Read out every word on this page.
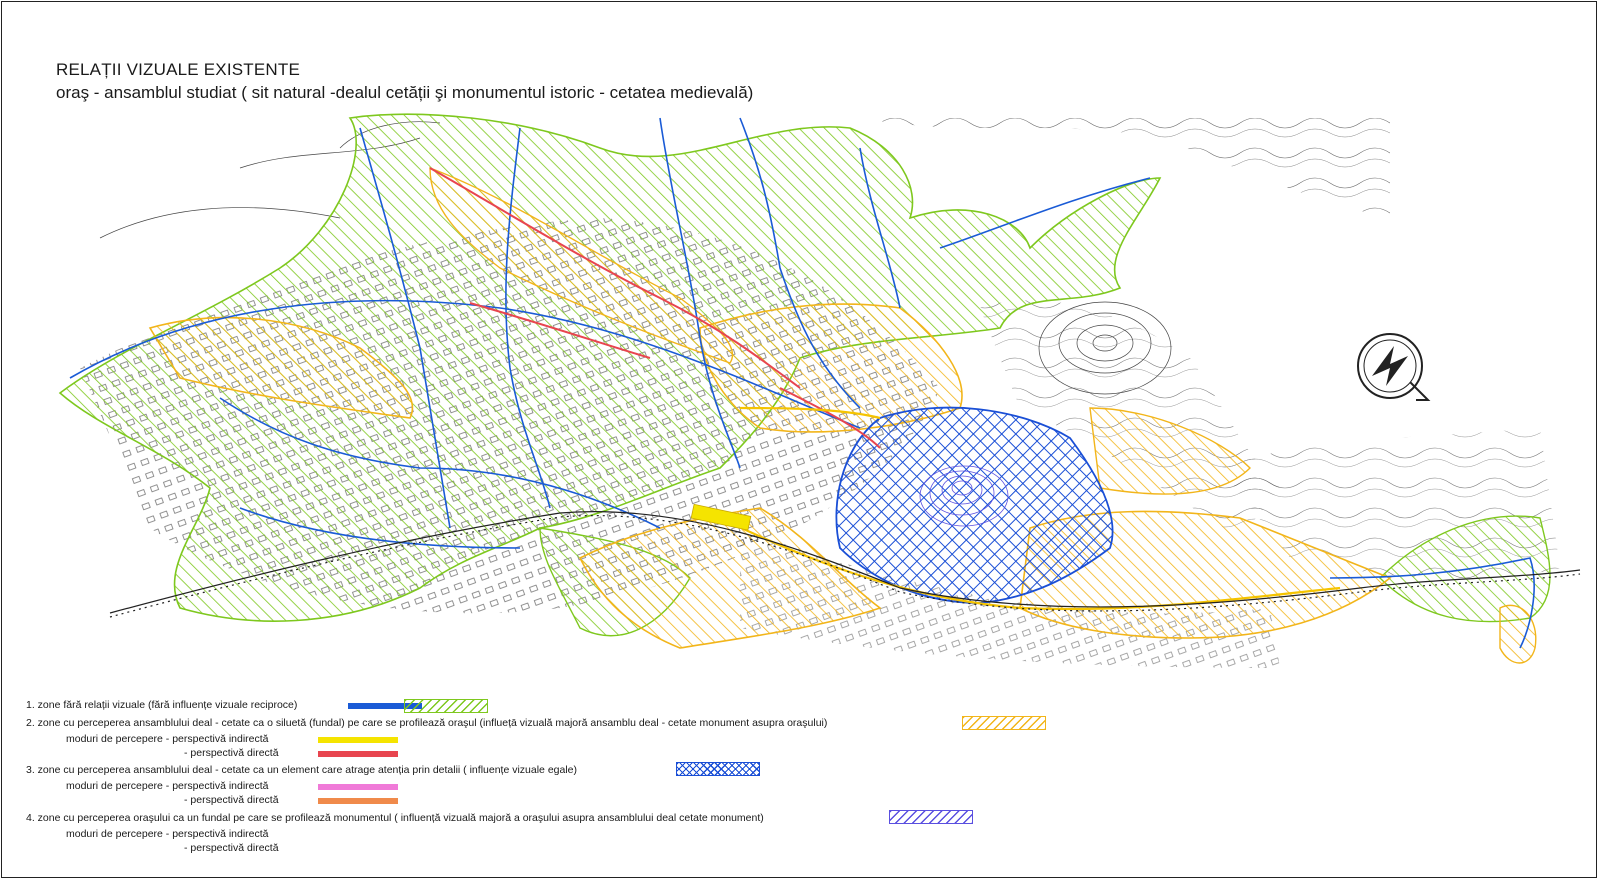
RELAȚII VIZUALE EXISTENTE
oraş - ansamblul studiat ( sit natural -dealul cetății şi monumentul istoric - cetatea medievală)
1. zone fără relații vizuale (fără influențe vizuale reciproce)
2. zone cu perceperea ansamblului deal - cetate ca o siluetă (fundal) pe care se profilează oraşul (influețā vizuală majoră ansamblu deal - cetate monument asupra oraşului)
moduri de percepere - perspectivă indirectă
- perspectivă directă
3. zone cu perceperea ansamblului deal - cetate ca un element care atrage atenția prin detalii ( influențe vizuale egale)
moduri de percepere - perspectivă indirectă
- perspectivă directă
4. zone cu perceperea oraşului ca un fundal pe care se profilează monumentul ( influență vizuală majoră a oraşului asupra ansamblului deal cetate monument)
moduri de percepere - perspectivă indirectă
- perspectivă directă
